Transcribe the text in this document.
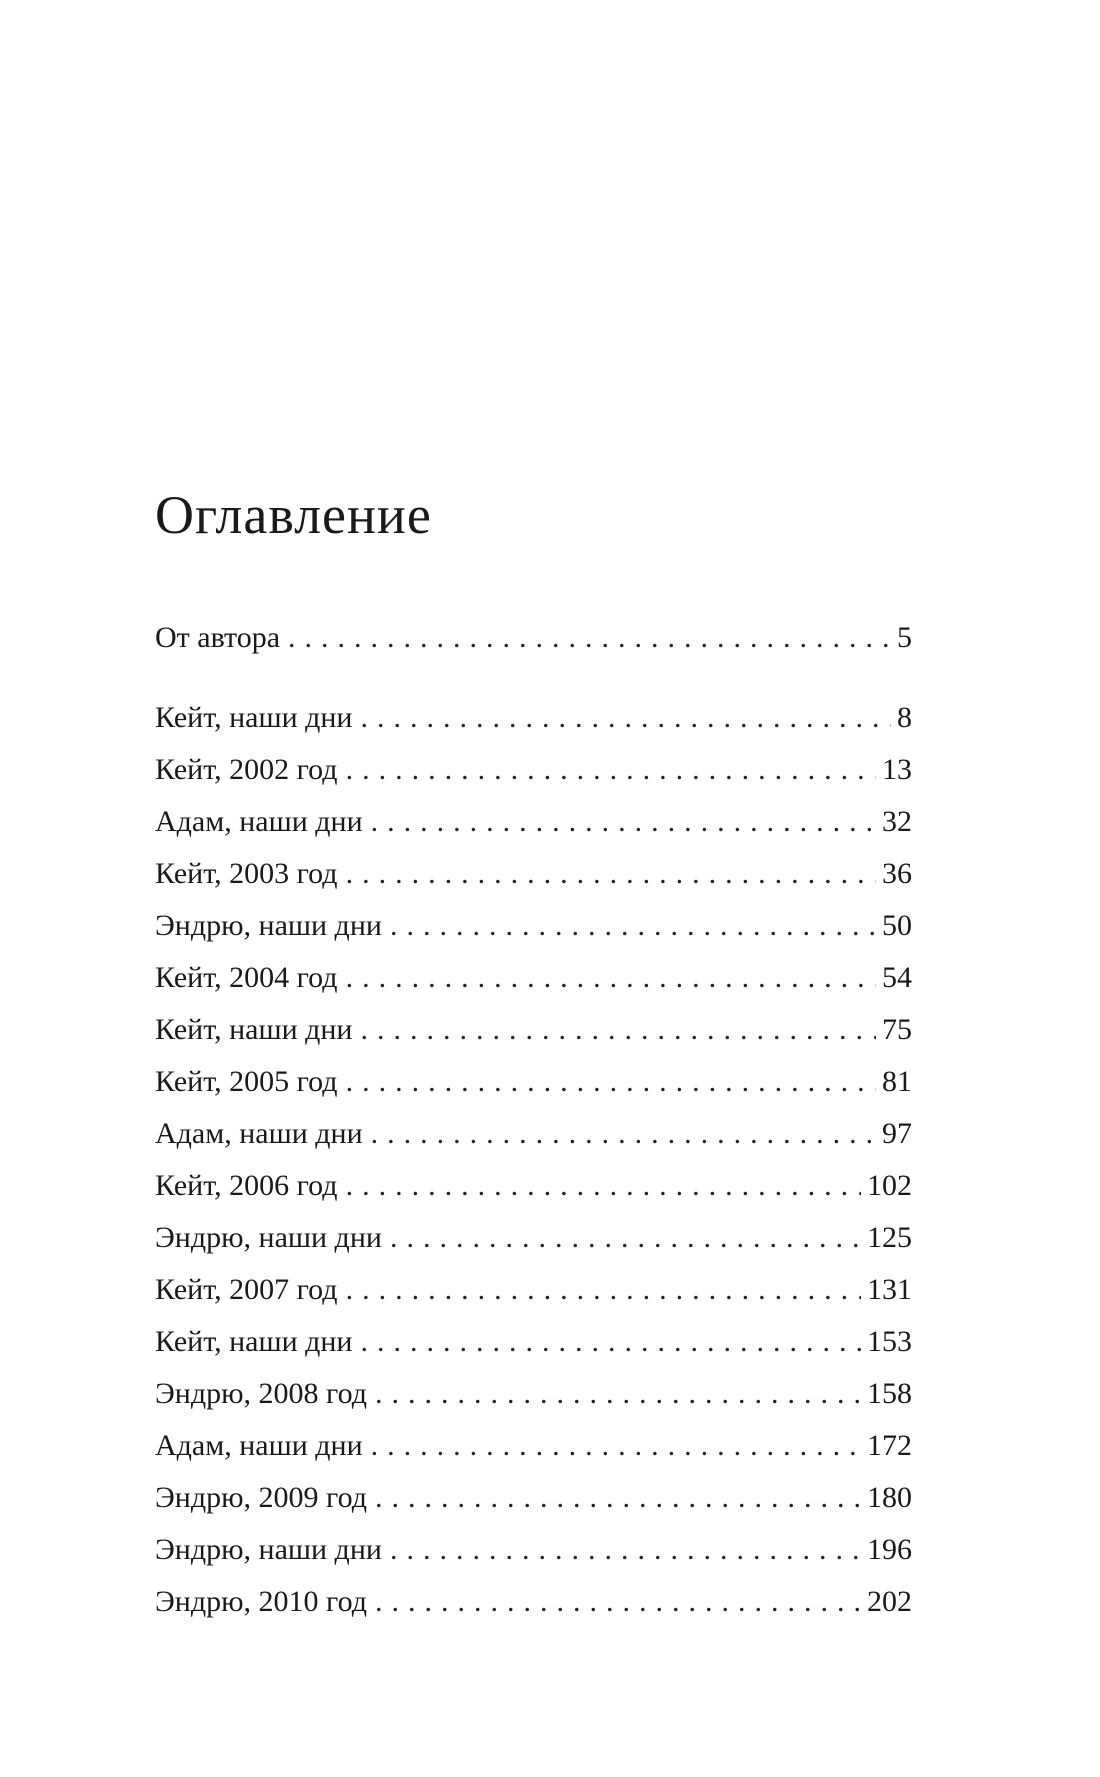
Оглавление
От автора .....	5
Кейт, наши дни .....	8
Кейт, 2002 год .....	13
Адам, наши дни .....	32
Кейт, 2003 год .....	36
Эндрю, наши дни .....	50
Кейт, 2004 год .....	54
Кейт, наши дни .....	75
Кейт, 2005 год .....	81
Адам, наши дни .....	97
Кейт, 2006 год .....	102
Эндрю, наши дни .....	125
Кейт, 2007 год .....	131
Кейт, наши дни .....	153
Эндрю, 2008 год .....	158
Адам, наши дни .....	172
Эндрю, 2009 год .....	180
Эндрю, наши дни .....	196
Эндрю, 2010 год .....	202
